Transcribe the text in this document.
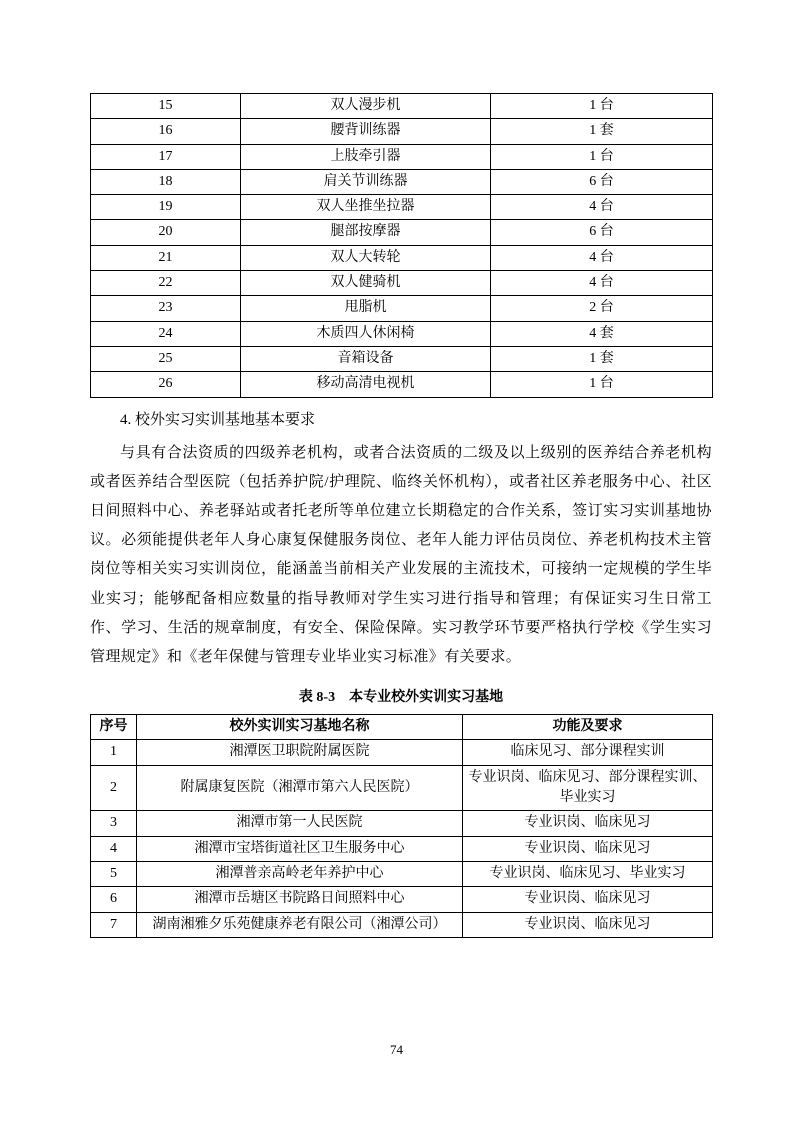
15	双人漫步机	1 台
16	腰背训练器	1 套
17	上肢牵引器	1 台
18	肩关节训练器	6 台
19	双人坐推坐拉器	4 台
20	腿部按摩器	6 台
21	双人大转轮	4 台
22	双人健骑机	4 台
23	甩脂机	2 台
24	木质四人休闲椅	4 套
25	音箱设备	1 套
26	移动高清电视机	1 台

4. 校外实习实训基地基本要求

与具有合法资质的四级养老机构，或者合法资质的二级及以上级别的医养结合养老机构或者医养结合型医院（包括养护院/护理院、临终关怀机构），或者社区养老服务中心、社区日间照料中心、养老驿站或者托老所等单位建立长期稳定的合作关系，签订实习实训基地协议。必须能提供老年人身心康复保健服务岗位、老年人能力评估员岗位、养老机构技术主管岗位等相关实习实训岗位，能涵盖当前相关产业发展的主流技术，可接纳一定规模的学生毕业实习；能够配备相应数量的指导教师对学生实习进行指导和管理；有保证实习生日常工作、学习、生活的规章制度，有安全、保险保障。实习教学环节要严格执行学校《学生实习管理规定》和《老年保健与管理专业毕业实习标准》有关要求。

表 8-3　本专业校外实训实习基地

序号	校外实训实习基地名称	功能及要求
1	湘潭医卫职院附属医院	临床见习、部分课程实训
2	附属康复医院（湘潭市第六人民医院）	专业识岗、临床见习、部分课程实训、毕业实习
3	湘潭市第一人民医院	专业识岗、临床见习
4	湘潭市宝塔街道社区卫生服务中心	专业识岗、临床见习
5	湘潭普亲高岭老年养护中心	专业识岗、临床见习、毕业实习
6	湘潭市岳塘区书院路日间照料中心	专业识岗、临床见习
7	湖南湘雅夕乐苑健康养老有限公司（湘潭公司）	专业识岗、临床见习
74
